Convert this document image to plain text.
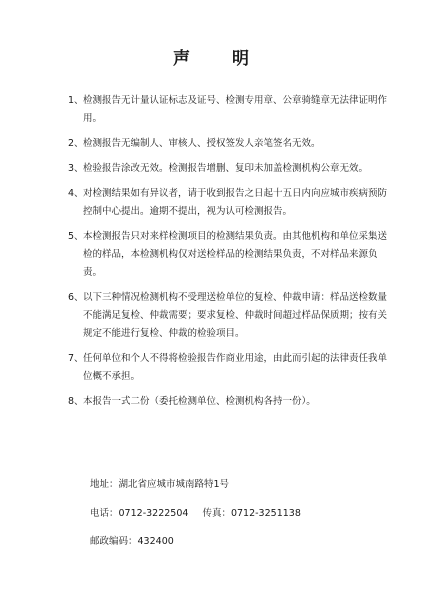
声 明
1、 检测报告无计量认证标志及证号、检测专用章、公章骑缝章无法律证明作用。
2、 检测报告无编制人、审核人、授权签发人亲笔签名无效。
3、 检验报告涂改无效。检测报告增删、复印未加盖检测机构公章无效。
4、 对检测结果如有异议者，请于收到报告之日起十五日内向应城市疾病预防控制中心提出。逾期不提出，视为认可检测报告。
5、 本检测报告只对来样检测项目的检测结果负责。由其他机构和单位采集送检的样品，本检测机构仅对送检样品的检测结果负责，不对样品来源负责。
6、 以下三种情况检测机构不受理送检单位的复检、仲裁申请：样品送检数量不能满足复检、仲裁需要；要求复检、仲裁时间超过样品保质期；按有关规定不能进行复检、仲裁的检验项目。
7、 任何单位和个人不得将检验报告作商业用途，由此而引起的法律责任我单位概不承担。
8、 本报告一式二份（委托检测单位、检测机构各持一份）。
地址：湖北省应城市城南路特1号
电话：0712-3222504 传真：0712-3251138
邮政编码：432400
